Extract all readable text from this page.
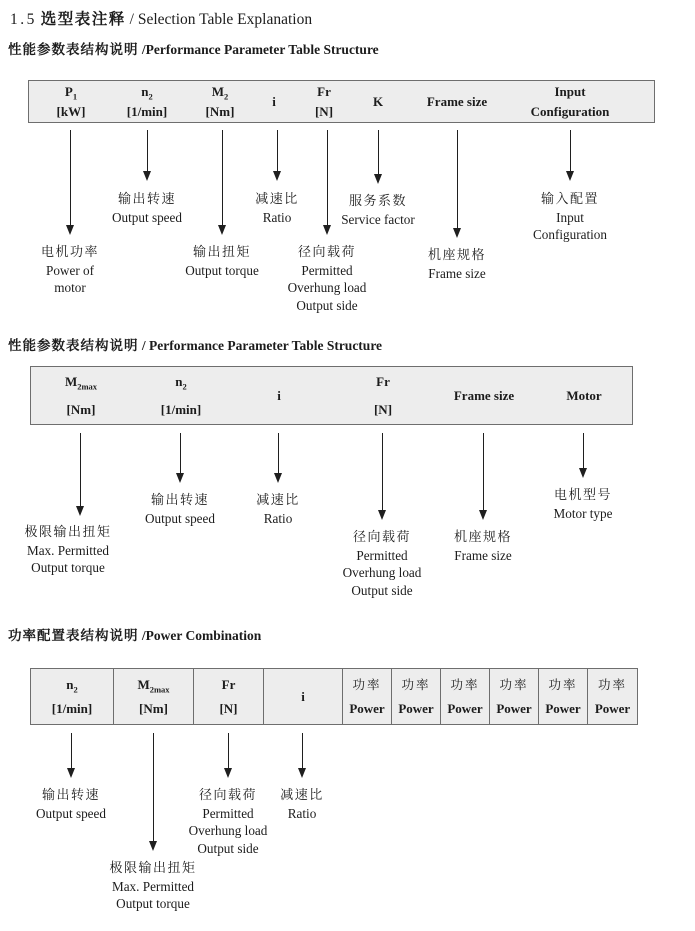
1.5 选型表注释 / Selection Table Explanation
性能参数表结构说明 /Performance Parameter Table Structure
$P_1$
[kW]
$n_2$
[1/min]
$M_2$
[Nm]
i
Fr
[N]
K	Frame size
Input
Configuration
电机功率
Power of
motor
输出转速
Output speed
输出扭矩
Output torque
减速比
Ratio
径向载荷
Permitted
Overhung load
Output side
服务系数
Service factor
机座规格
Frame size
输入配置
Input
Configuration
性能参数表结构说明 / Performance Parameter Table Structure
$M_{2max}$
[Nm]
$n_2$
[1/min]
i
Fr
[N]
Frame size	Motor
极限输出扭矩
Max. Permitted
Output torque
输出转速
Output speed
减速比
Ratio
径向载荷
Permitted
Overhung load
Output side
机座规格
Frame size
电机型号
Motor type
功率配置表结构说明 /Power Combination
$n_2$
[1/min]
$M_{2max}$
[Nm]
Fr
[N]
i
功率
Power
功率
Power
功率
Power
功率
Power
功率
Power
功率
Power
输出转速
Output speed
极限输出扭矩
Max. Permitted
Output torque
径向载荷
Permitted
Overhung load
Output side
减速比
Ratio
